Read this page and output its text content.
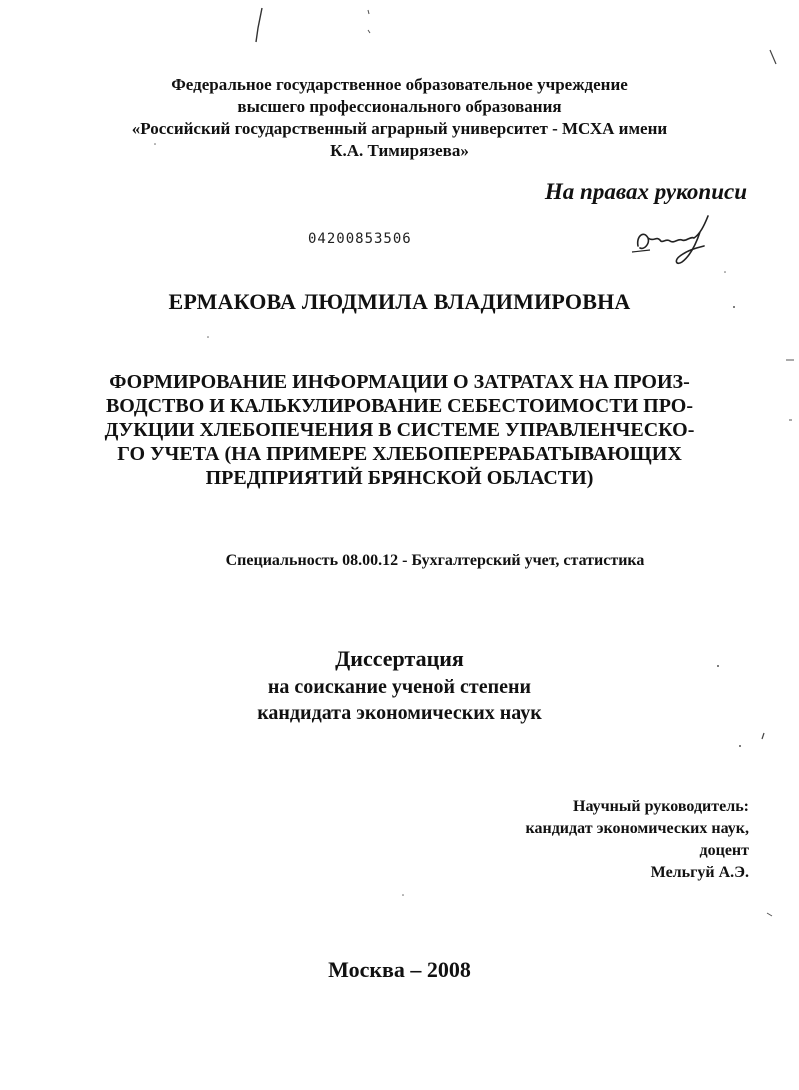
Федеральное государственное образовательное учреждение
высшего профессионального образования
«Российский государственный аграрный университет - МСХА имени
К.А. Тимирязева»
На правах рукописи
04200853506
ЕРМАКОВА ЛЮДМИЛА ВЛАДИМИРОВНА
ФОРМИРОВАНИЕ ИНФОРМАЦИИ О ЗАТРАТАХ НА ПРОИЗ-
ВОДСТВО И КАЛЬКУЛИРОВАНИЕ СЕБЕСТОИМОСТИ ПРО-
ДУКЦИИ ХЛЕБОПЕЧЕНИЯ В СИСТЕМЕ УПРАВЛЕНЧЕСКО-
ГО УЧЕТА (НА ПРИМЕРЕ ХЛЕБОПЕРЕРАБАТЫВАЮЩИХ
ПРЕДПРИЯТИЙ БРЯНСКОЙ ОБЛАСТИ)
Специальность 08.00.12 - Бухгалтерский учет, статистика
Диссертация
на соискание ученой степени
кандидата экономических наук
Научный руководитель:
кандидат экономических наук,
доцент
Мельгуй А.Э.
Москва – 2008
